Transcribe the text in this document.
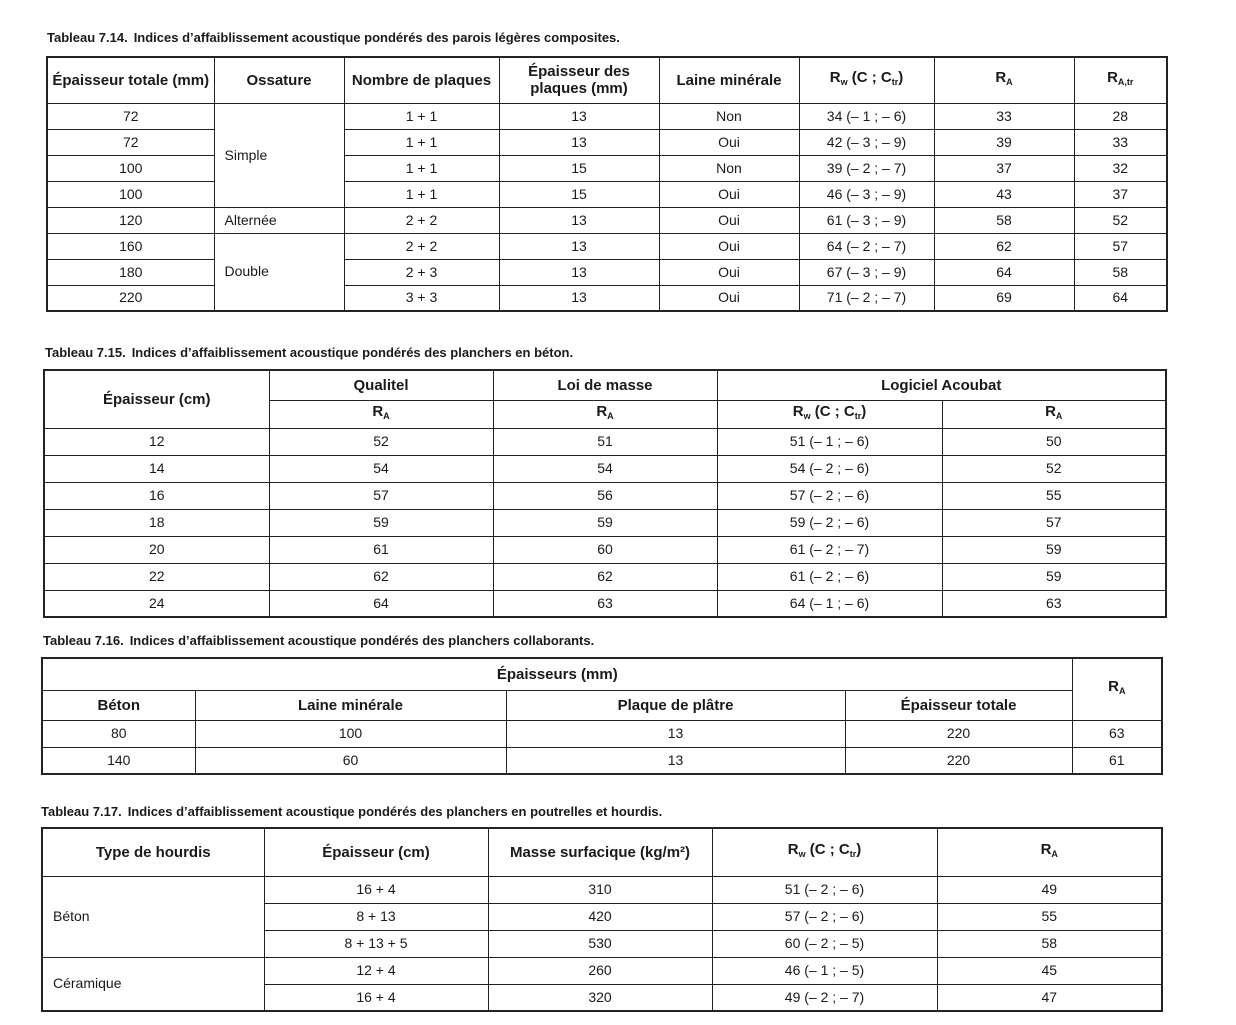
Tableau 7.14. Indices d’affaiblissement acoustique pondérés des parois légères composites.
Épaisseur totale (mm)	Ossature	Nombre de plaques	Épaisseur des plaques (mm)	Laine minérale	$R_w$ (C ; $C_{tr}$)	$R_A$	$R_{A,tr}$
72	Simple	1 + 1	13	Non	34 (– 1 ; – 6)	33	28
72		1 + 1	13	Oui	42 (– 3 ; – 9)	39	33
100		1 + 1	15	Non	39 (– 2 ; – 7)	37	32
100		1 + 1	15	Oui	46 (– 3 ; – 9)	43	37
120	Alternée	2 + 2	13	Oui	61 (– 3 ; – 9)	58	52
160	Double	2 + 2	13	Oui	64 (– 2 ; – 7)	62	57
180		2 + 3	13	Oui	67 (– 3 ; – 9)	64	58
220		3 + 3	13	Oui	71 (– 2 ; – 7)	69	64
Tableau 7.15. Indices d’affaiblissement acoustique pondérés des planchers en béton.
Épaisseur (cm)	Qualitel	Loi de masse	Logiciel Acoubat	
	$R_A$	$R_A$	$R_w$ (C ; $C_{tr}$)	$R_A$
12	52	51	51 (– 1 ; – 6)	50
14	54	54	54 (– 2 ; – 6)	52
16	57	56	57 (– 2 ; – 6)	55
18	59	59	59 (– 2 ; – 6)	57
20	61	60	61 (– 2 ; – 7)	59
22	62	62	61 (– 2 ; – 6)	59
24	64	63	64 (– 1 ; – 6)	63
Tableau 7.16. Indices d’affaiblissement acoustique pondérés des planchers collaborants.
Épaisseurs (mm)				$R_A$
Béton	Laine minérale	Plaque de plâtre	Épaisseur totale	
80	100	13	220	63
140	60	13	220	61
Tableau 7.17. Indices d’affaiblissement acoustique pondérés des planchers en poutrelles et hourdis.
Type de hourdis	Épaisseur (cm)	Masse surfacique (kg/m²)	$R_w$ (C ; $C_{tr}$)	$R_A$
Béton	16 + 4	310	51 (– 2 ; – 6)	49
	8 + 13	420	57 (– 2 ; – 6)	55
	8 + 13 + 5	530	60 (– 2 ; – 5)	58
Céramique	12 + 4	260	46 (– 1 ; – 5)	45
	16 + 4	320	49 (– 2 ; – 7)	47
